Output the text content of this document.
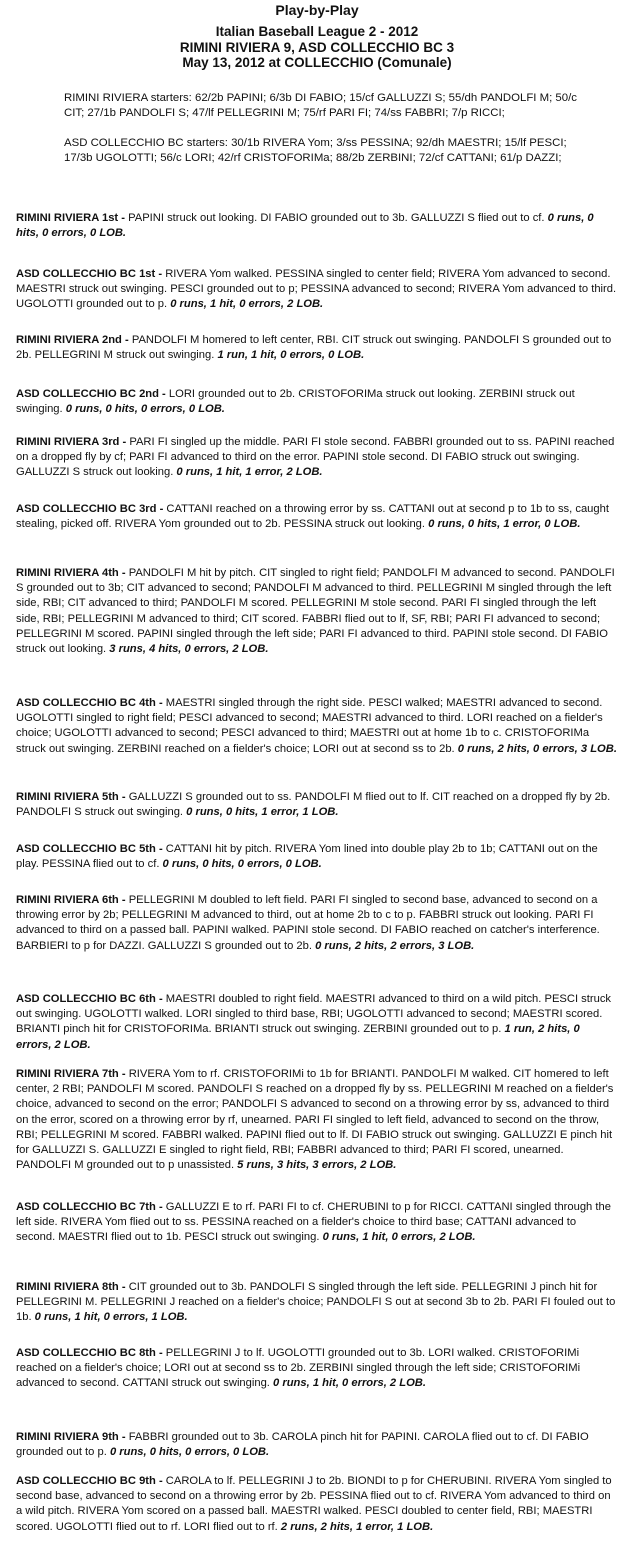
Play-by-Play
Italian Baseball League 2 - 2012
RIMINI RIVIERA 9, ASD COLLECCHIO BC 3
May 13, 2012 at COLLECCHIO (Comunale)

RIMINI RIVIERA starters: 62/2b PAPINI; 6/3b DI FABIO; 15/cf GALLUZZI S; 55/dh PANDOLFI M; 50/c CIT; 27/1b PANDOLFI S; 47/lf PELLEGRINI M; 75/rf PARI FI; 74/ss FABBRI; 7/p RICCI;

ASD COLLECCHIO BC starters: 30/1b RIVERA Yom; 3/ss PESSINA; 92/dh MAESTRI; 15/lf PESCI; 17/3b UGOLOTTI; 56/c LORI; 42/rf CRISTOFORIMa; 88/2b ZERBINI; 72/cf CATTANI; 61/p DAZZI;

RIMINI RIVIERA 1st - PAPINI struck out looking. DI FABIO grounded out to 3b. GALLUZZI S flied out to cf. 0 runs, 0 hits, 0 errors, 0 LOB.

ASD COLLECCHIO BC 1st - RIVERA Yom walked. PESSINA singled to center field; RIVERA Yom advanced to second. MAESTRI struck out swinging. PESCI grounded out to p; PESSINA advanced to second; RIVERA Yom advanced to third. UGOLOTTI grounded out to p. 0 runs, 1 hit, 0 errors, 2 LOB.

RIMINI RIVIERA 2nd - PANDOLFI M homered to left center, RBI. CIT struck out swinging. PANDOLFI S grounded out to 2b. PELLEGRINI M struck out swinging. 1 run, 1 hit, 0 errors, 0 LOB.

ASD COLLECCHIO BC 2nd - LORI grounded out to 2b. CRISTOFORIMa struck out looking. ZERBINI struck out swinging. 0 runs, 0 hits, 0 errors, 0 LOB.

RIMINI RIVIERA 3rd - PARI FI singled up the middle. PARI FI stole second. FABBRI grounded out to ss. PAPINI reached on a dropped fly by cf; PARI FI advanced to third on the error. PAPINI stole second. DI FABIO struck out swinging. GALLUZZI S struck out looking. 0 runs, 1 hit, 1 error, 2 LOB.

ASD COLLECCHIO BC 3rd - CATTANI reached on a throwing error by ss. CATTANI out at second p to 1b to ss, caught stealing, picked off. RIVERA Yom grounded out to 2b. PESSINA struck out looking. 0 runs, 0 hits, 1 error, 0 LOB.

RIMINI RIVIERA 4th - PANDOLFI M hit by pitch. CIT singled to right field; PANDOLFI M advanced to second. PANDOLFI S grounded out to 3b; CIT advanced to second; PANDOLFI M advanced to third. PELLEGRINI M singled through the left side, RBI; CIT advanced to third; PANDOLFI M scored. PELLEGRINI M stole second. PARI FI singled through the left side, RBI; PELLEGRINI M advanced to third; CIT scored. FABBRI flied out to lf, SF, RBI; PARI FI advanced to second; PELLEGRINI M scored. PAPINI singled through the left side; PARI FI advanced to third. PAPINI stole second. DI FABIO struck out looking. 3 runs, 4 hits, 0 errors, 2 LOB.

ASD COLLECCHIO BC 4th - MAESTRI singled through the right side. PESCI walked; MAESTRI advanced to second. UGOLOTTI singled to right field; PESCI advanced to second; MAESTRI advanced to third. LORI reached on a fielder's choice; UGOLOTTI advanced to second; PESCI advanced to third; MAESTRI out at home 1b to c. CRISTOFORIMa struck out swinging. ZERBINI reached on a fielder's choice; LORI out at second ss to 2b. 0 runs, 2 hits, 0 errors, 3 LOB.

RIMINI RIVIERA 5th - GALLUZZI S grounded out to ss. PANDOLFI M flied out to lf. CIT reached on a dropped fly by 2b. PANDOLFI S struck out swinging. 0 runs, 0 hits, 1 error, 1 LOB.

ASD COLLECCHIO BC 5th - CATTANI hit by pitch. RIVERA Yom lined into double play 2b to 1b; CATTANI out on the play. PESSINA flied out to cf. 0 runs, 0 hits, 0 errors, 0 LOB.

RIMINI RIVIERA 6th - PELLEGRINI M doubled to left field. PARI FI singled to second base, advanced to second on a throwing error by 2b; PELLEGRINI M advanced to third, out at home 2b to c to p. FABBRI struck out looking. PARI FI advanced to third on a passed ball. PAPINI walked. PAPINI stole second. DI FABIO reached on catcher's interference. BARBIERI to p for DAZZI. GALLUZZI S grounded out to 2b. 0 runs, 2 hits, 2 errors, 3 LOB.

ASD COLLECCHIO BC 6th - MAESTRI doubled to right field. MAESTRI advanced to third on a wild pitch. PESCI struck out swinging. UGOLOTTI walked. LORI singled to third base, RBI; UGOLOTTI advanced to second; MAESTRI scored. BRIANTI pinch hit for CRISTOFORIMa. BRIANTI struck out swinging. ZERBINI grounded out to p. 1 run, 2 hits, 0 errors, 2 LOB.

RIMINI RIVIERA 7th - RIVERA Yom to rf. CRISTOFORIMi to 1b for BRIANTI. PANDOLFI M walked. CIT homered to left center, 2 RBI; PANDOLFI M scored. PANDOLFI S reached on a dropped fly by ss. PELLEGRINI M reached on a fielder's choice, advanced to second on the error; PANDOLFI S advanced to second on a throwing error by ss, advanced to third on the error, scored on a throwing error by rf, unearned. PARI FI singled to left field, advanced to second on the throw, RBI; PELLEGRINI M scored. FABBRI walked. PAPINI flied out to lf. DI FABIO struck out swinging. GALLUZZI E pinch hit for GALLUZZI S. GALLUZZI E singled to right field, RBI; FABBRI advanced to third; PARI FI scored, unearned. PANDOLFI M grounded out to p unassisted. 5 runs, 3 hits, 3 errors, 2 LOB.

ASD COLLECCHIO BC 7th - GALLUZZI E to rf. PARI FI to cf. CHERUBINI to p for RICCI. CATTANI singled through the left side. RIVERA Yom flied out to ss. PESSINA reached on a fielder's choice to third base; CATTANI advanced to second. MAESTRI flied out to 1b. PESCI struck out swinging. 0 runs, 1 hit, 0 errors, 2 LOB.

RIMINI RIVIERA 8th - CIT grounded out to 3b. PANDOLFI S singled through the left side. PELLEGRINI J pinch hit for PELLEGRINI M. PELLEGRINI J reached on a fielder's choice; PANDOLFI S out at second 3b to 2b. PARI FI fouled out to 1b. 0 runs, 1 hit, 0 errors, 1 LOB.

ASD COLLECCHIO BC 8th - PELLEGRINI J to lf. UGOLOTTI grounded out to 3b. LORI walked. CRISTOFORIMi reached on a fielder's choice; LORI out at second ss to 2b. ZERBINI singled through the left side; CRISTOFORIMi advanced to second. CATTANI struck out swinging. 0 runs, 1 hit, 0 errors, 2 LOB.

RIMINI RIVIERA 9th - FABBRI grounded out to 3b. CAROLA pinch hit for PAPINI. CAROLA flied out to cf. DI FABIO grounded out to p. 0 runs, 0 hits, 0 errors, 0 LOB.

ASD COLLECCHIO BC 9th - CAROLA to lf. PELLEGRINI J to 2b. BIONDI to p for CHERUBINI. RIVERA Yom singled to second base, advanced to second on a throwing error by 2b. PESSINA flied out to cf. RIVERA Yom advanced to third on a wild pitch. RIVERA Yom scored on a passed ball. MAESTRI walked. PESCI doubled to center field, RBI; MAESTRI scored. UGOLOTTI flied out to rf. LORI flied out to rf. 2 runs, 2 hits, 1 error, 1 LOB.
